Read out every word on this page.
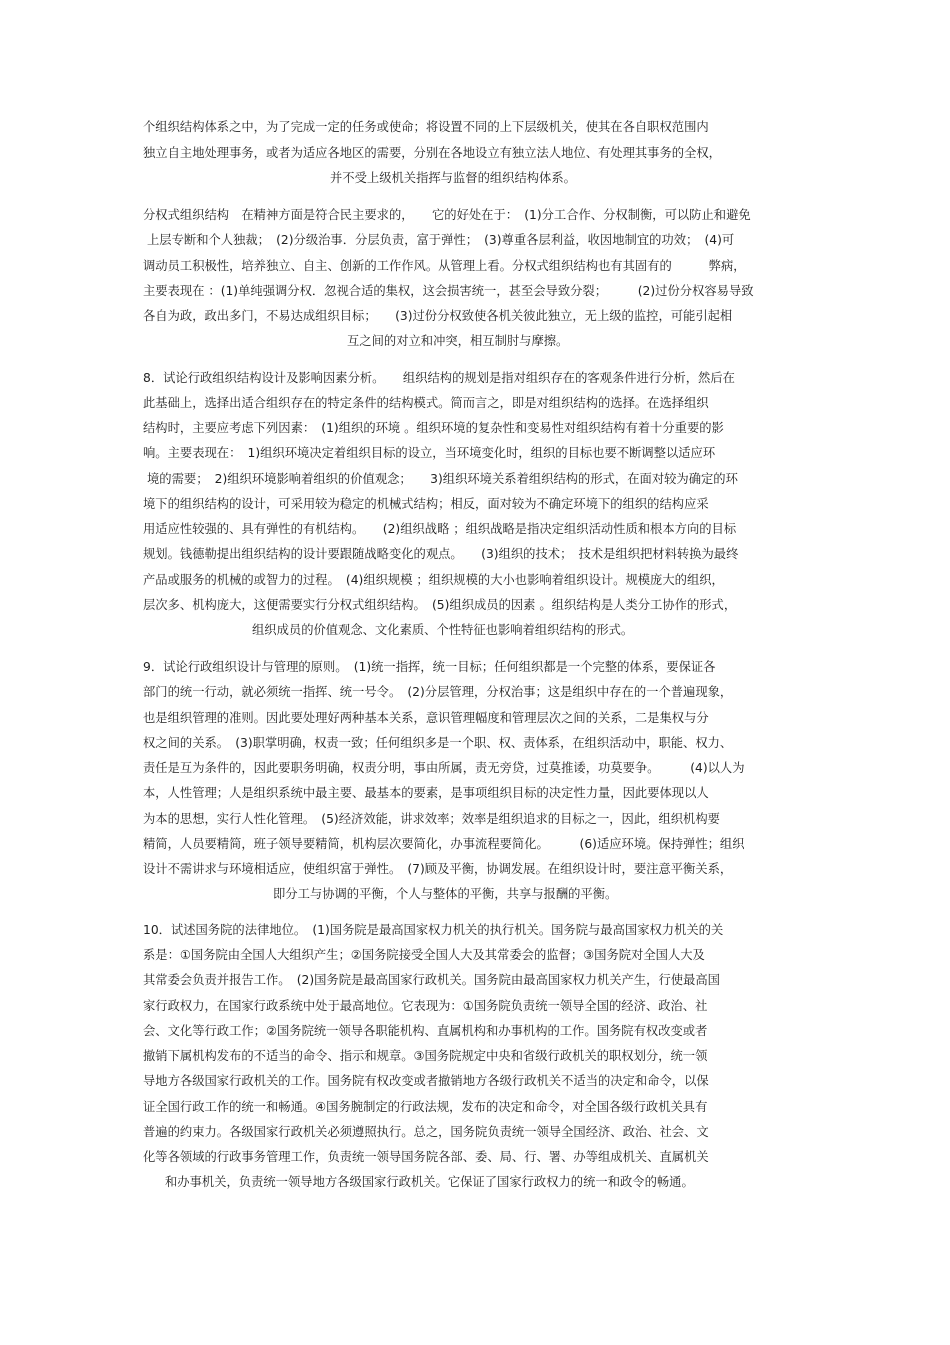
个组织结构体系之中，为了完成一定的任务或使命；将设置不同的上下层级机关，使其在各自职权范围内
独立自主地处理事务，或者为适应各地区的需要，分别在各地设立有独立法人地位、有处理其事务的全权，
并不受上级机关指挥与监督的组织结构体系。
分权式组织结构　在精神方面是符合民主要求的，　　它的好处在于：　(1)分工合作、分权制衡，可以防止和避免
上层专断和个人独裁；　(2)分级治事．分层负责，富于弹性；　(3)尊重各层利益，收因地制宜的功效；　(4)可
调动员工积极性，培养独立、自主、创新的工作作风。从管理上看。分权式组织结构也有其固有的　　　弊病，
主要表现在 ：(1)单纯强调分权．忽视合适的集权，这会损害统一，甚至会导致分裂；　　　(2)过份分权容易导致
各自为政，政出多门，不易达成组织目标；　　(3)过份分权致使各机关彼此独立，无上级的监控，可能引起相
互之间的对立和冲突，相互制肘与摩擦。
8．试论行政组织结构设计及影响因素分析。　　组织结构的规划是指对组织存在的客观条件进行分析，然后在
此基础上，选择出适合组织存在的特定条件的结构模式。简而言之，即是对组织结构的选择。在选择组织
结构时，主要应考虑下列因素：　(1)组织的环境 。组织环境的复杂性和变易性对组织结构有着十分重要的影
响。主要表现在：　1)组织环境决定着组织目标的设立，当环境变化时，组织的目标也要不断调整以适应环
境的需要；　2)组织环境影响着组织的价值观念；　　3)组织环境关系着组织结构的形式，在面对较为确定的环
境下的组织结构的设计，可采用较为稳定的机械式结构；相反，面对较为不确定环境下的组织的结构应采
用适应性较强的、具有弹性的有机结构。　　(2)组织战略 ；组织战略是指决定组织活动性质和根本方向的目标
规划。钱德勒提出组织结构的设计要跟随战略变化的观点。　　(3)组织的技术；　技术是组织把材料转换为最终
产品或服务的机械的或智力的过程。　(4)组织规模 ；组织规模的大小也影响着组织设计。规模庞大的组织，
层次多、机构庞大，这便需要实行分权式组织结构。　(5)组织成员的因素 。组织结构是人类分工协作的形式，
组织成员的价值观念、文化素质、个性特征也影响着组织结构的形式。
9．试论行政组织设计与管理的原则。　(1)统一指挥，统一目标；任何组织都是一个完整的体系，要保证各
部门的统一行动，就必须统一指挥、统一号令。　(2)分层管理，分权治事；这是组织中存在的一个普遍现象，
也是组织管理的准则。因此要处理好两种基本关系，意识管理幅度和管理层次之间的关系，二是集权与分
权之间的关系。　(3)职掌明确，权责一致；任何组织多是一个职、权、责体系，在组织活动中，职能、权力、
责任是互为条件的，因此要职务明确，权责分明，事由所属，责无旁贷，过莫推诿，功莫要争。　　　(4)以人为
本，人性管理；人是组织系统中最主要、最基本的要素，是事项组织目标的决定性力量，因此要体现以人
为本的思想，实行人性化管理。　(5)经济效能，讲求效率；效率是组织追求的目标之一，因此，组织机构要
精简，人员要精简，班子领导要精简，机构层次要简化，办事流程要简化。　　　(6)适应环境。保持弹性；组织
设计不需讲求与环境相适应，使组织富于弹性。　(7)顾及平衡，协调发展。在组织设计时，要注意平衡关系，
即分工与协调的平衡，个人与整体的平衡，共享与报酬的平衡。
10．试述国务院的法律地位。　(1)国务院是最高国家权力机关的执行机关。国务院与最高国家权力机关的关
系是：①国务院由全国人大组织产生；②国务院接受全国人大及其常委会的监督；③国务院对全国人大及
其常委会负责并报告工作。　(2)国务院是最高国家行政机关。国务院由最高国家权力机关产生，行使最高国
家行政权力，在国家行政系统中处于最高地位。它表现为：①国务院负责统一领导全国的经济、政治、社
会、文化等行政工作；②国务院统一领导各职能机构、直属机构和办事机构的工作。国务院有权改变或者
撤销下属机构发布的不适当的命令、指示和规章。③国务院规定中央和省级行政机关的职权划分，统一领
导地方各级国家行政机关的工作。国务院有权改变或者撤销地方各级行政机关不适当的决定和命令，以保
证全国行政工作的统一和畅通。④国务腕制定的行政法规，发布的决定和命令，对全国各级行政机关具有
普遍的约束力。各级国家行政机关必须遵照执行。总之，国务院负责统一领导全国经济、政治、社会、文
化等各领域的行政事务管理工作，负责统一领导国务院各部、委、局、行、署、办等组成机关、直属机关
和办事机关，负责统一领导地方各级国家行政机关。它保证了国家行政权力的统一和政令的畅通。
